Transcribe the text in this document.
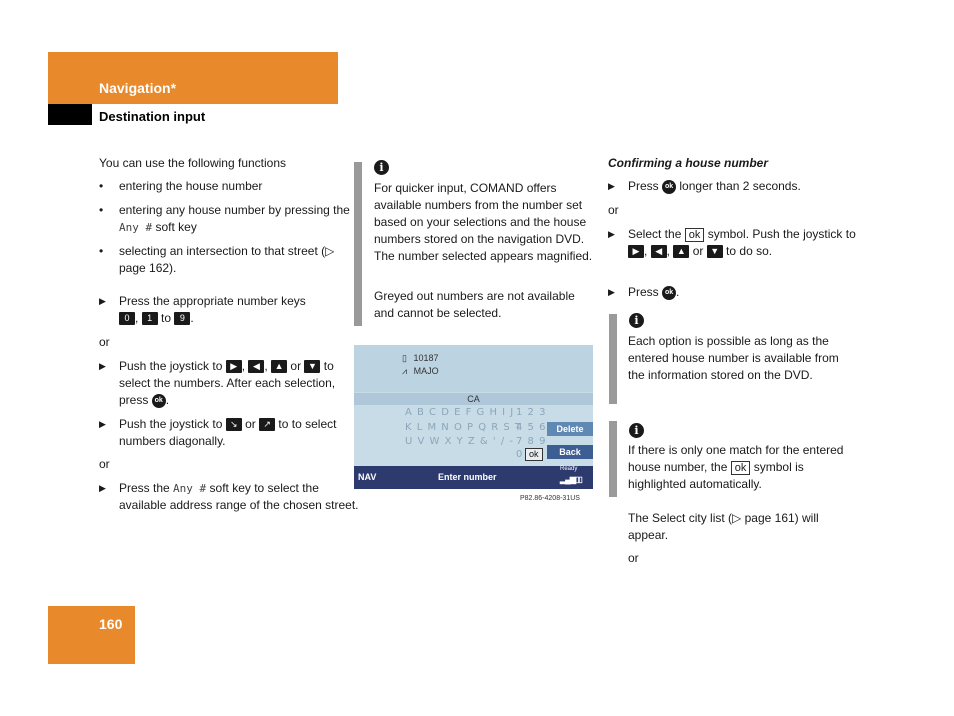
Navigation*
Destination input
You can use the following functions
• entering the house number
• entering any house number by pressing the Any # soft key
• selecting an intersection to that street (▷ page 162).
▶ Press the appropriate number keys
0 , 1 to 9 .
or
▶ Push the joystick to ▶ , ◀ , ▲ or ▼ to select the numbers. After each selection, press ok .
▶ Push the joystick to ↘ or ↗ to to select numbers diagonally.
or
▶ Press the Any # soft key to select the available address range of the chosen street.
i
For quicker input, COMAND offers available numbers from the number set based on your selections and the house numbers stored on the navigation DVD. The number selected appears magnified.
Greyed out numbers are not available and cannot be selected.
▯ 10187
⩘ MAJO
CA
A B C D E F G H I J 1 2 3
K L M N O P Q R S T
4 5 6
U V W X Y Z & ' / - 7 8 9
0 ok
Delete
Back
Ready
NAV	Enter number	▂▄▆▯▯
P82.86-4208-31US
Confirming a house number
▶ Press ok longer than 2 seconds.
or
▶ Select the ok symbol. Push the joystick to ▶ , ◀ , ▲ or ▼ to do so.
▶ Press ok .
i
Each option is possible as long as the entered house number is available from the information stored on the DVD.
i
If there is only one match for the entered house number, the ok symbol is highlighted automatically.
The Select city list (▷ page 161) will appear.
or
160
